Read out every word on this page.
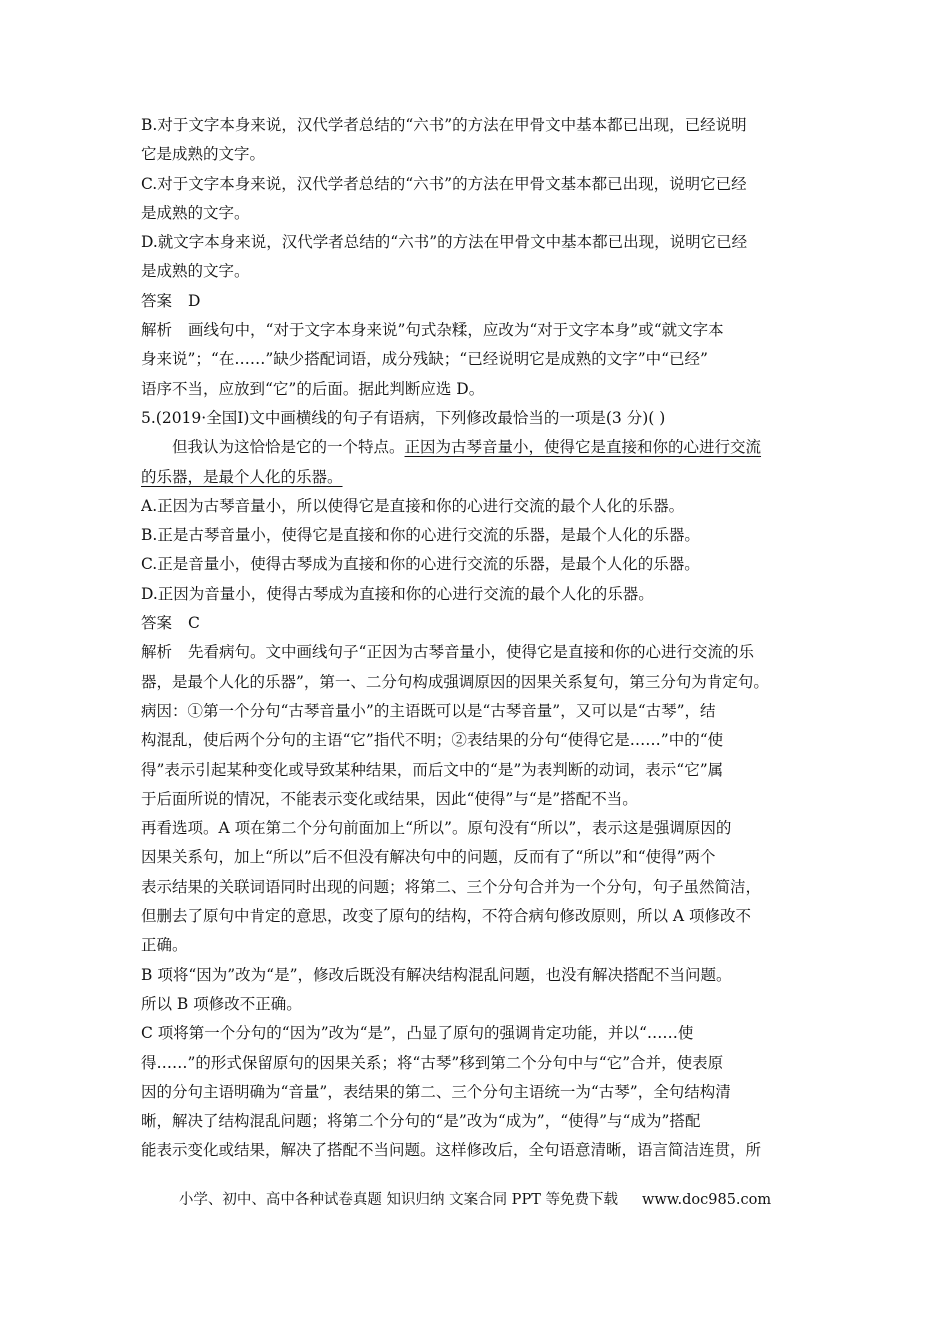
B.对于文字本身来说，汉代学者总结的“六书”的方法在甲骨文中基本都已出现，已经说明
它是成熟的文字。
C.对于文字本身来说，汉代学者总结的“六书”的方法在甲骨文基本都已出现，说明它已经
是成熟的文字。
D.就文字本身来说，汉代学者总结的“六书”的方法在甲骨文中基本都已出现，说明它已经
是成熟的文字。
答案 D
解析 画线句中，“对于文字本身来说”句式杂糅，应改为“对于文字本身”或“就文字本
身来说”；“在……”缺少搭配词语，成分残缺；“已经说明它是成熟的文字”中“已经”
语序不当，应放到“它”的后面。据此判断应选 D。
5.(2019·全国Ⅰ)文中画横线的句子有语病，下列修改最恰当的一项是(3 分)( )
但我认为这恰恰是它的一个特点。正因为古琴音量小，使得它是直接和你的心进行交流
的乐器，是最个人化的乐器。
A.正因为古琴音量小，所以使得它是直接和你的心进行交流的最个人化的乐器。
B.正是古琴音量小，使得它是直接和你的心进行交流的乐器，是最个人化的乐器。
C.正是音量小，使得古琴成为直接和你的心进行交流的乐器，是最个人化的乐器。
D.正因为音量小，使得古琴成为直接和你的心进行交流的最个人化的乐器。
答案 C
解析 先看病句。文中画线句子“正因为古琴音量小，使得它是直接和你的心进行交流的乐
器，是最个人化的乐器”，第一、二分句构成强调原因的因果关系复句，第三分句为肯定句。
病因：①第一个分句“古琴音量小”的主语既可以是“古琴音量”，又可以是“古琴”，结
构混乱，使后两个分句的主语“它”指代不明；②表结果的分句“使得它是……”中的“使
得”表示引起某种变化或导致某种结果，而后文中的“是”为表判断的动词，表示“它”属
于后面所说的情况，不能表示变化或结果，因此“使得”与“是”搭配不当。
再看选项。A 项在第二个分句前面加上“所以”。原句没有“所以”，表示这是强调原因的
因果关系句，加上“所以”后不但没有解决句中的问题，反而有了“所以”和“使得”两个
表示结果的关联词语同时出现的问题；将第二、三个分句合并为一个分句，句子虽然简洁，
但删去了原句中肯定的意思，改变了原句的结构，不符合病句修改原则，所以 A 项修改不
正确。
B 项将“因为”改为“是”，修改后既没有解决结构混乱问题，也没有解决搭配不当问题。
所以 B 项修改不正确。
C 项将第一个分句的“因为”改为“是”，凸显了原句的强调肯定功能，并以“……使
得……”的形式保留原句的因果关系；将“古琴”移到第二个分句中与“它”合并，使表原
因的分句主语明确为“音量”，表结果的第二、三个分句主语统一为“古琴”，全句结构清
晰，解决了结构混乱问题；将第二个分句的“是”改为“成为”，“使得”与“成为”搭配
能表示变化或结果，解决了搭配不当问题。这样修改后，全句语意清晰，语言简洁连贯，所
小学、初中、高中各种试卷真题 知识归纳 文案合同 PPT 等免费下载 www.doc985.com
